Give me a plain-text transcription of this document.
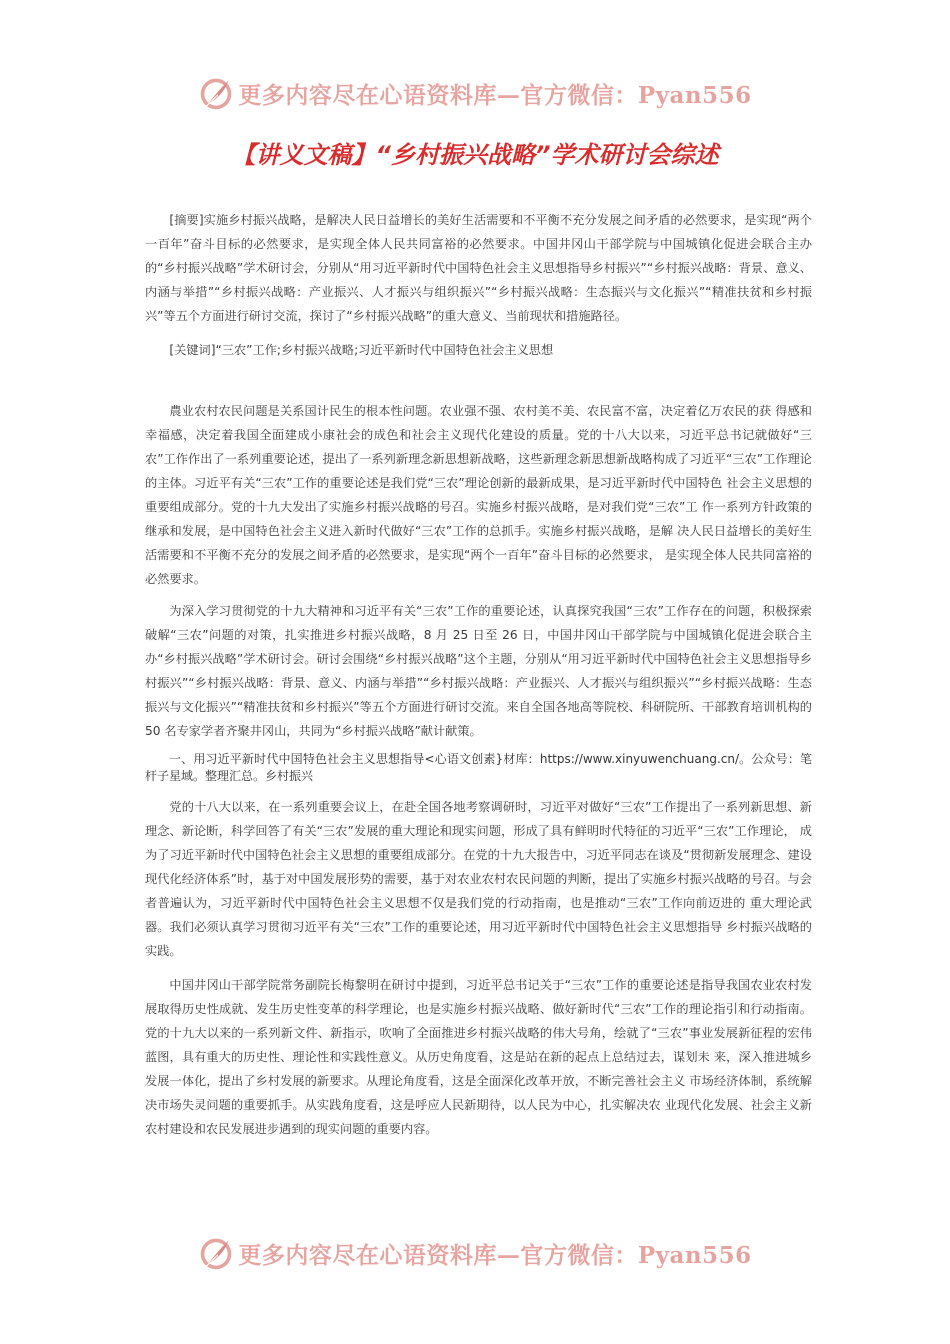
更多内容尽在心语资料库—官方微信：Pyan556
【讲义文稿】“乡村振兴战略”学术研讨会综述

[摘要]实施乡村振兴战略，是解决人民日益增长的美好生活需要和不平衡不充分发展之间矛盾的必然要求，是实现“两个一百年”奋斗目标的必然要求，是实现全体人民共同富裕的必然要求。中国井冈山干部学院与中国城镇化促进会联合主办的“乡村振兴战略”学术研讨会，分别从“用习近平新时代中国特色社会主义思想指导乡村振兴”“乡村振兴战略：背景、意义、内涵与举措”“乡村振兴战略：产业振兴、人才振兴与组织振兴”“乡村振兴战略：生态振兴与文化振兴”“精准扶贫和乡村振兴”等五个方面进行研讨交流，探讨了“乡村振兴战略”的重大意义、当前现状和措施路径。

[关键词]“三农”工作;乡村振兴战略;习近平新时代中国特色社会主义思想

農业农村农民问题是关系国计民生的根本性问题。农业强不强、农村美不美、农民富不富，决定着亿万农民的获 得感和幸福感，决定着我国全面建成小康社会的成色和社会主义现代化建设的质量。党的十八大以来，习近平总书记就做好“三农”工作作出了一系列重要论述，提出了一系列新理念新思想新战略，这些新理念新思想新战略构成了习近平“三农”工作理论的主体。习近平有关“三农”工作的重要论述是我们党“三农”理论创新的最新成果，是习近平新时代中国特色 社会主义思想的重要组成部分。党的十九大发出了实施乡村振兴战略的号召。实施乡村振兴战略，是对我们党“三农”工 作一系列方针政策的继承和发展，是中国特色社会主义进入新时代做好“三农”工作的总抓手。实施乡村振兴战略，是解 决人民日益增长的美好生活需要和不平衡不充分的发展之间矛盾的必然要求，是实现“两个一百年”奋斗目标的必然要求， 是实现全体人民共同富裕的必然要求。

为深入学习贯彻党的十九大精神和习近平有关“三农”工作的重要论述，认真探究我国“三农”工作存在的问题，积极探索破解“三农”问题的对策，扎实推进乡村振兴战略，8 月 25 日至 26 日，中国井冈山干部学院与中国城镇化促进会联合主办“乡村振兴战略”学术研讨会。研讨会围绕“乡村振兴战略”这个主题，分别从“用习近平新时代中国特色社会主义思想指导乡村振兴”“乡村振兴战略：背景、意义、内涵与举措”“乡村振兴战略：产业振兴、人才振兴与组织振兴”“乡村振兴战略：生态振兴与文化振兴”“精准扶贫和乡村振兴”等五个方面进行研讨交流。来自全国各地高等院校、科研院所、干部教育培训机构的 50 名专家学者齐聚井冈山，共同为“乡村振兴战略”献计献策。

一、用习近平新时代中国特色社会主义思想指导<心语文创素}材库：https://www.xinyuwenchuang.cn/。公众号：笔杆子星域。整理汇总。乡村振兴

党的十八大以来，在一系列重要会议上，在赴全国各地考察调研时，习近平对做好“三农”工作提出了一系列新思想、新理念、新论断，科学回答了有关“三农”发展的重大理论和现实问题，形成了具有鲜明时代特征的习近平“三农”工作理论， 成为了习近平新时代中国特色社会主义思想的重要组成部分。在党的十九大报告中，习近平同志在谈及“贯彻新发展理念、建设现代化经济体系”时，基于对中国发展形势的需要，基于对农业农村农民问题的判断，提出了实施乡村振兴战略的号召。与会者普遍认为，习近平新时代中国特色社会主义思想不仅是我们党的行动指南，也是推动“三农”工作向前迈进的 重大理论武器。我们必须认真学习贯彻习近平有关“三农”工作的重要论述，用习近平新时代中国特色社会主义思想指导 乡村振兴战略的实践。

中国井冈山干部学院常务副院长梅黎明在研讨中提到，习近平总书记关于“三农”工作的重要论述是指导我国农业农村发展取得历史性成就、发生历史性变革的科学理论，也是实施乡村振兴战略、做好新时代“三农”工作的理论指引和行动指南。党的十九大以来的一系列新文件、新指示，吹响了全面推进乡村振兴战略的伟大号角，绘就了“三农”事业发展新征程的宏伟蓝图，具有重大的历史性、理论性和实践性意义。从历史角度看，这是站在新的起点上总结过去，谋划未 来，深入推进城乡发展一体化，提出了乡村发展的新要求。从理论角度看，这是全面深化改革开放，不断完善社会主义 市场经济体制，系统解决市场失灵问题的重要抓手。从实践角度看，这是呼应人民新期待，以人民为中心，扎实解决农 业现代化发展、社会主义新农村建设和农民发展进步遇到的现实问题的重要内容。

更多内容尽在心语资料库—官方微信：Pyan556
